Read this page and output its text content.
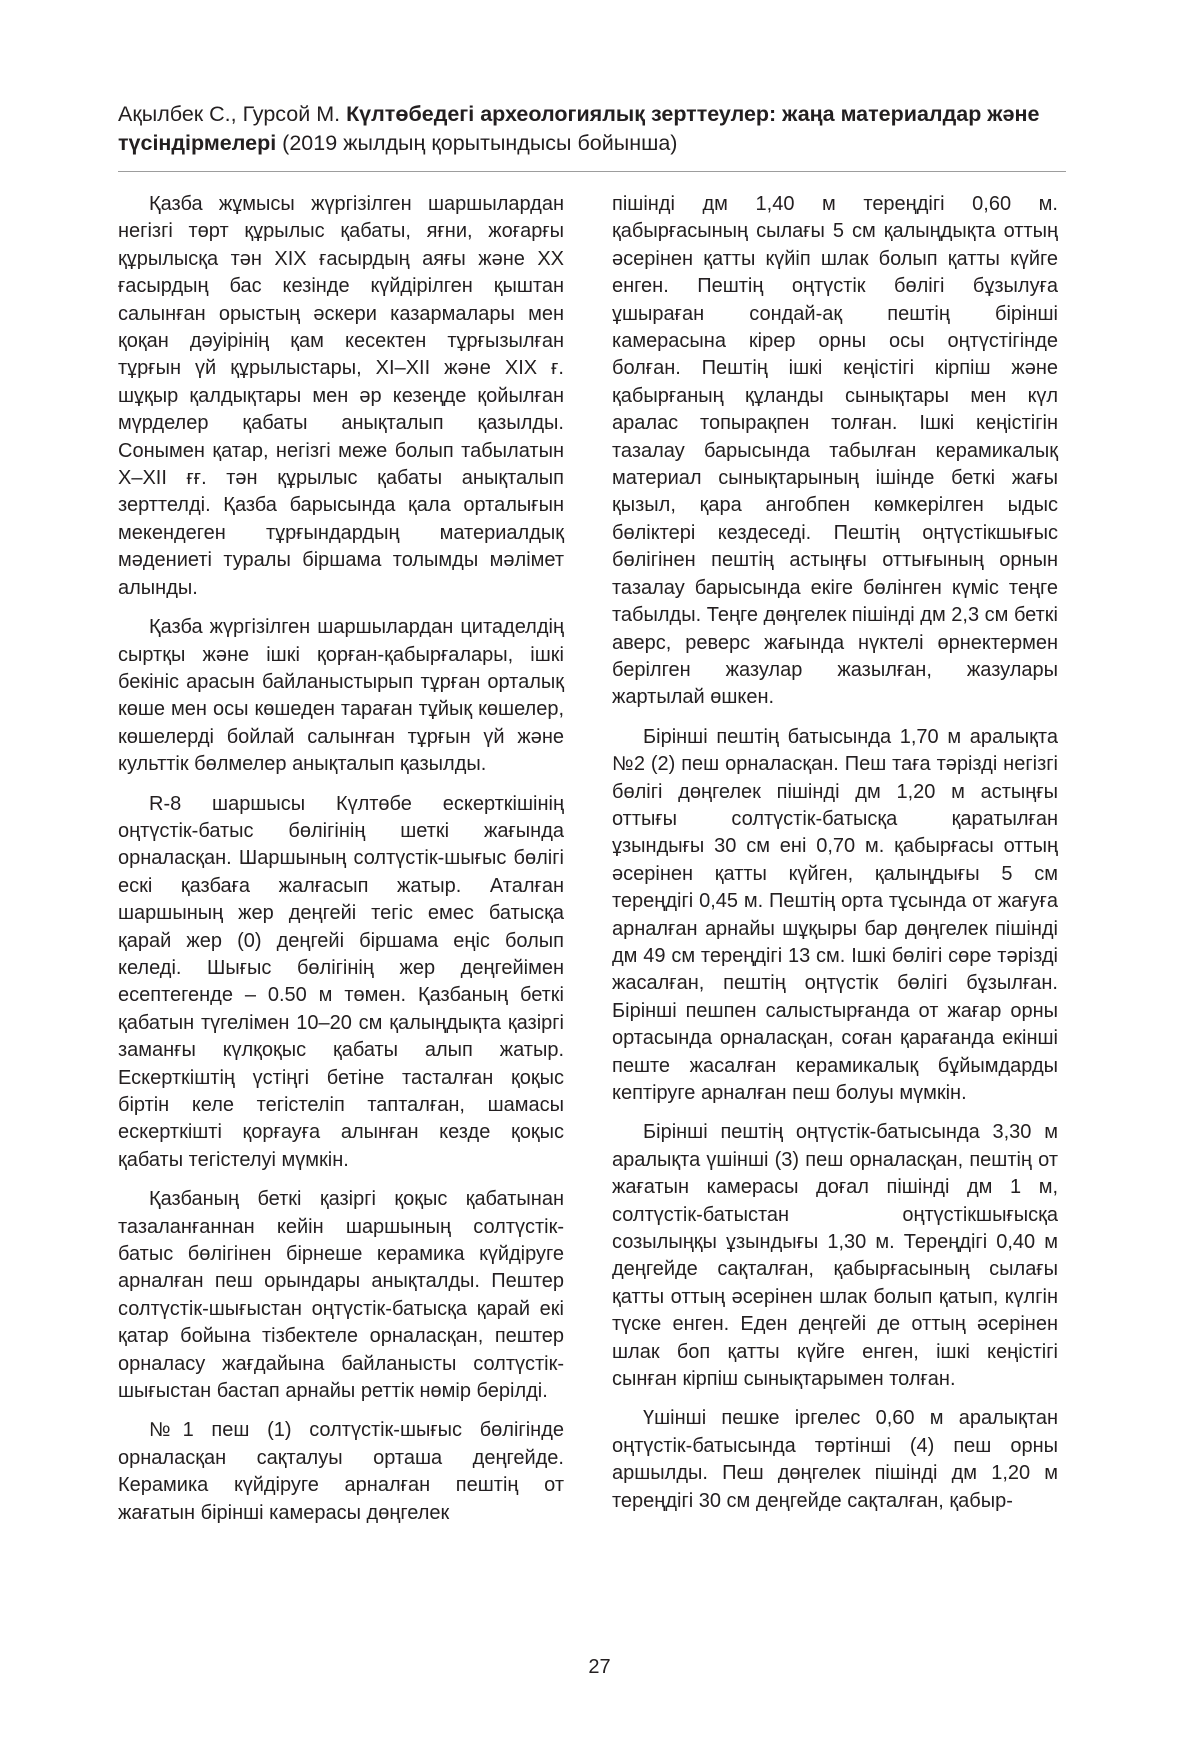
Ақылбек С., Гурсой М. Күлтөбедегі археологиялық зерттеулер: жаңа материалдар және түсіндірмелері (2019 жылдың қорытындысы бойынша)

Қазба жұмысы жүргізілген шаршылардан негізгі төрт құрылыс қабаты, яғни, жоғарғы құрылысқа тән XIX ғасырдың аяғы және XX ғасырдың бас кезінде күйдірілген қыштан салынған орыстың әскери казармалары мен қоқан дәуірінің қам кесектен тұрғызылған тұрғын үй құрылыстары, XI–XII және XIX ғ. шұқыр қалдықтары мен әр кезеңде қойылған мүрделер қабаты анықталып қазылды. Сонымен қатар, негізгі меже болып табылатын X–XII ғғ. тән құрылыс қабаты анықталып зерттелді. Қазба барысында қала орталығын мекендеген тұрғындардың материалдық мәдениеті туралы біршама толымды мәлімет алынды.

Қазба жүргізілген шаршылардан цитаделдің сыртқы және ішкі қорған-қабырғалары, ішкі бекініс арасын байланыстырып тұрған орталық көше мен осы көшеден тараған тұйық көшелер, көшелерді бойлай салынған тұрғын үй және культтік бөлмелер анықталып қазылды.

R-8 шаршысы Күлтөбе ескерткішінің оңтүстік-батыс бөлігінің шеткі жағында орналасқан. Шаршының солтүстік-шығыс бөлігі ескі қазбаға жалғасып жатыр. Аталған шаршының жер деңгейі тегіс емес батысқа қарай жер (0) деңгейі біршама еңіс болып келеді. Шығыс бөлігінің жер деңгейімен есептегенде – 0.50 м төмен. Қазбаның беткі қабатын түгелімен 10–20 см қалыңдықта қазіргі заманғы күлқоқыс қабаты алып жатыр. Ескерткіштің үстіңгі бетіне тасталған қоқыс біртін келе тегістеліп тапталған, шамасы ескерткішті қорғауға алынған кезде қоқыс қабаты тегістелуі мүмкін.

Қазбаның беткі қазіргі қоқыс қабатынан тазаланғаннан кейін шаршының солтүстік-батыс бөлігінен бірнеше керамика күйдіруге арналған пеш орындары анықталды. Пештер солтүстік-шығыстан оңтүстік-батысқа қарай екі қатар бойына тізбектеле орналасқан, пештер орналасу жағдайына байланысты солтүстік-шығыстан бастап арнайы реттік нөмір берілді.

№1 пеш (1) солтүстік-шығыс бөлігінде орналасқан сақталуы орташа деңгейде. Керамика күйдіруге арналған пештің от жағатын бірінші камерасы дөңгелек

пішінді дм 1,40 м тереңдігі 0,60 м. қабырғасының сылағы 5 см қалыңдықта оттың әсерінен қатты күйіп шлак болып қатты күйге енген. Пештің оңтүстік бөлігі бұзылуға ұшыраған сондай-ақ пештің бірінші камерасына кірер орны осы оңтүстігінде болған. Пештің ішкі кеңістігі кірпіш және қабырғаның құланды сынықтары мен күл аралас топырақпен толған. Ішкі кеңістігін тазалау барысында табылған керамикалық материал сынықтарының ішінде беткі жағы қызыл, қара ангобпен көмкерілген ыдыс бөліктері кездеседі. Пештің оңтүстікшығыс бөлігінен пештің астыңғы оттығының орнын тазалау барысында екіге бөлінген күміс теңге табылды. Теңге дөңгелек пішінді дм 2,3 см беткі аверс, реверс жағында нүктелі өрнектермен берілген жазулар жазылған, жазулары жартылай өшкен.

Бірінші пештің батысында 1,70 м аралықта №2 (2) пеш орналасқан. Пеш таға тәрізді негізгі бөлігі дөңгелек пішінді дм 1,20 м астыңғы оттығы солтүстік-батысқа қаратылған ұзындығы 30 см ені 0,70 м. қабырғасы оттың әсерінен қатты күйген, қалыңдығы 5 см тереңдігі 0,45 м. Пештің орта тұсында от жағуға арналған арнайы шұқыры бар дөңгелек пішінді дм 49 см тереңдігі 13 см. Ішкі бөлігі сөре тәрізді жасалған, пештің оңтүстік бөлігі бұзылған. Бірінші пешпен салыстырғанда от жағар орны ортасында орналасқан, соған қарағанда екінші пеште жасалған керамикалық бұйымдарды кептіруге арналған пеш болуы мүмкін.

Бірінші пештің оңтүстік-батысында 3,30 м аралықта үшінші (3) пеш орналасқан, пештің от жағатын камерасы доғал пішінді дм 1 м, солтүстік-батыстан оңтүстікшығысқа созылыңқы ұзындығы 1,30 м. Тереңдігі 0,40 м деңгейде сақталған, қабырғасының сылағы қатты оттың әсерінен шлак болып қатып, күлгін түске енген. Еден деңгейі де оттың әсерінен шлак боп қатты күйге енген, ішкі кеңістігі сынған кірпіш сынықтарымен толған.

Үшінші пешке іргелес 0,60 м аралықтан оңтүстік-батысында төртінші (4) пеш орны аршылды. Пеш дөңгелек пішінді дм 1,20 м тереңдігі 30 см деңгейде сақталған, қабыр-

27
